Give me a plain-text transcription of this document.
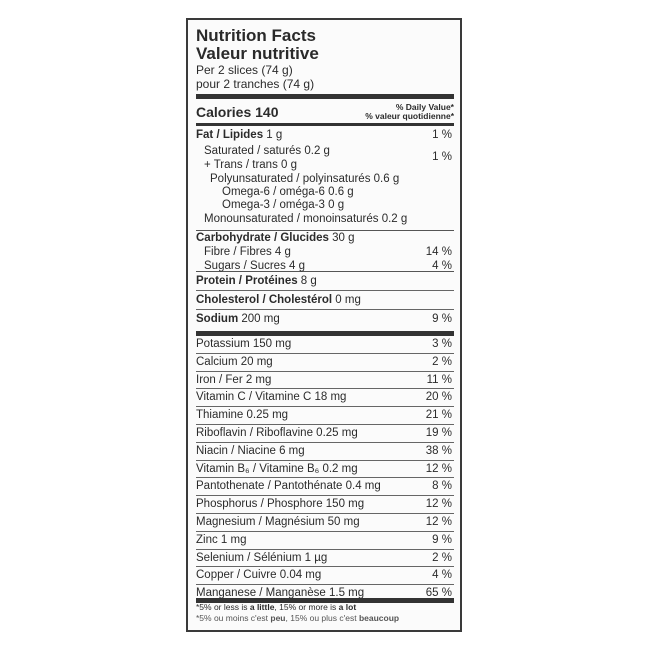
Nutrition Facts
Valeur nutritive
Per 2 slices (74 g)
pour 2 tranches (74 g)
Calories 140	% Daily Value*
% valeur quotidienne*
Fat / Lipides 1 g	1 %
Saturated / saturés 0.2 g	1 %
+ Trans / trans 0 g
Polyunsaturated / polyinsaturés 0.6 g
Omega-6 / oméga-6 0.6 g
Omega-3 / oméga-3 0 g
Monounsaturated / monoinsaturés 0.2 g
Carbohydrate / Glucides 30 g
Fibre / Fibres 4 g	14 %
Sugars / Sucres 4 g	4 %
Protein / Protéines 8 g
Cholesterol / Cholestérol 0 mg
Sodium 200 mg	9 %
Potassium 150 mg	3 %
Calcium 20 mg	2 %
Iron / Fer 2 mg	11 %
Vitamin C / Vitamine C 18 mg	20 %
Thiamine 0.25 mg	21 %
Riboflavin / Riboflavine 0.25 mg	19 %
Niacin / Niacine 6 mg	38 %
Vitamin B₆ / Vitamine B₆ 0.2 mg	12 %
Pantothenate / Pantothénate 0.4 mg	8 %
Phosphorus / Phosphore 150 mg	12 %
Magnesium / Magnésium 50 mg	12 %
Zinc 1 mg	9 %
Selenium / Sélénium 1 µg	2 %
Copper / Cuivre 0.04 mg	4 %
Manganese / Manganèse 1.5 mg	65 %
*5% or less is a little, 15% or more is a lot
*5% ou moins c'est peu, 15% ou plus c'est beaucoup
